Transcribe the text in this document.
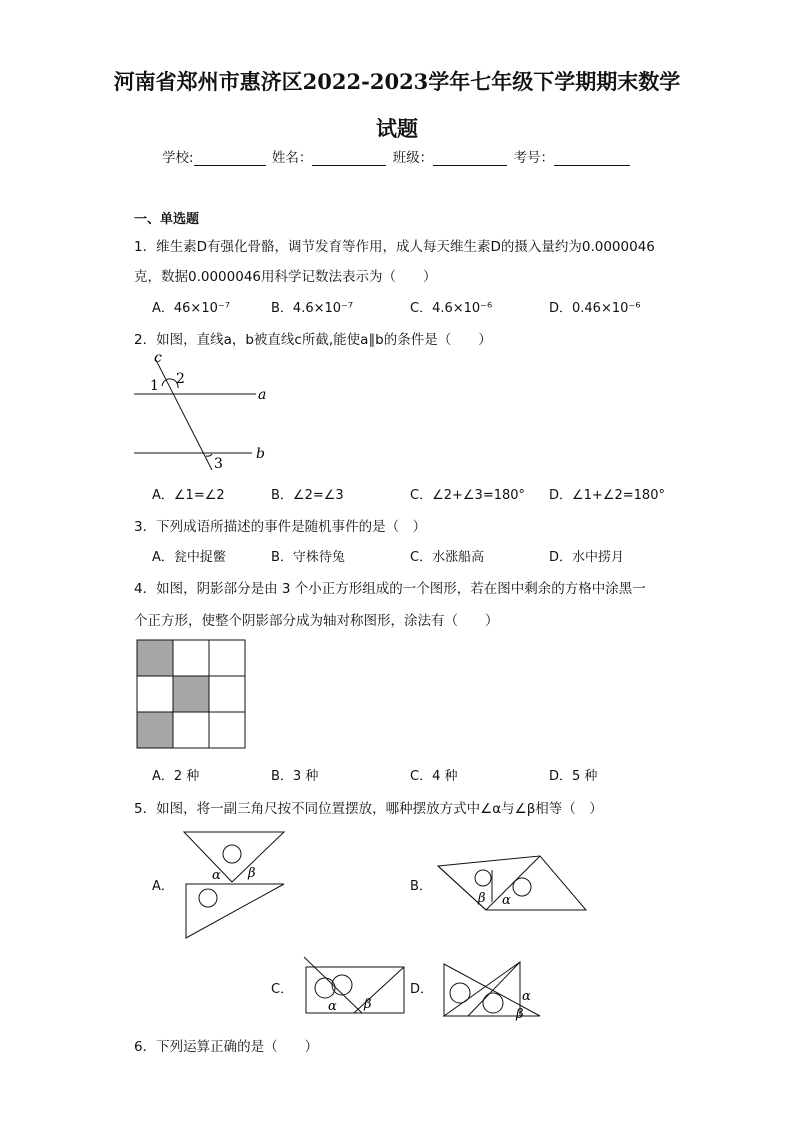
河南省郑州市惠济区2022-2023学年七年级下学期期末数学
试题
学校:	姓名：	班级：	考号：
一、单选题
1．维生素D有强化骨骼，调节发育等作用，成人每天维生素D的摄入量约为0.0000046
克，数据0.0000046用科学记数法表示为（　　）
A．46×10⁻⁷	B．4.6×10⁻⁷	C．4.6×10⁻⁶	D．0.46×10⁻⁶
2．如图，直线a，b被直线c所截,能使a∥b的条件是（　　）
c
1 2
a
b
3
A．∠1=∠2	B．∠2=∠3	C．∠2+∠3=180° D．∠1+∠2=180°
3．下列成语所描述的事件是随机事件的是（　）
A．瓮中捉鳖	B．守株待兔	C．水涨船高	D．水中捞月
4．如图，阴影部分是由 3 个小正方形组成的一个图形，若在图中剩余的方格中涂黑一
个正方形，使整个阴影部分成为轴对称图形，涂法有（　　）
A．2 种	B．3 种	C．4 种	D．5 种
5．如图，将一副三角尺按不同位置摆放，哪种摆放方式中∠α与∠β相等（　）
A．
α β
B．
β α
C．
α β
D．	α
β
6．下列运算正确的是（　　）
